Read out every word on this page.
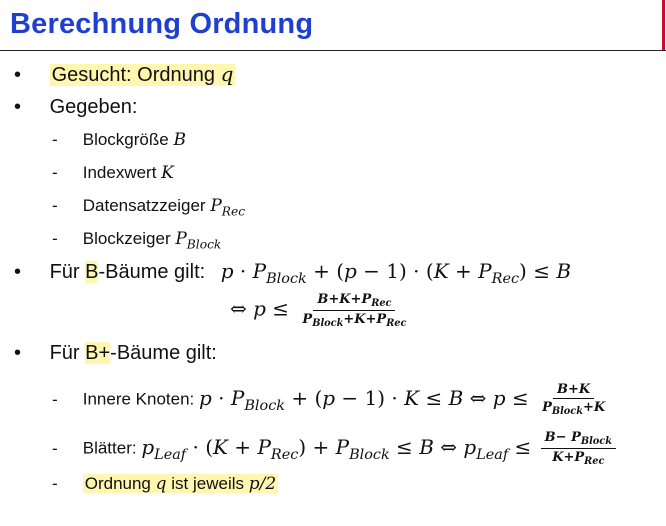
Berechnung Ordnung
• Gesucht: Ordnung q
• Gegeben:
- Blockgröße B
- Indexwert K
- Datensatzzeiger $P_{Rec}$
- Blockzeiger $P_{Block}$
• Für B-Bäume gilt: $p \cdot P_{Block} + (p - 1) \cdot (K + P_{Rec}) \le B$
⇔ $p \le \frac{B+K+P_{Rec}}{P_{Block}+K+P_{Rec}}$
• Für B+-Bäume gilt:
- Innere Knoten: $p \cdot P_{Block} + (p - 1) \cdot K \le B$ ⇔ $p \le \frac{B+K}{P_{Block}+K}$
- Blätter: $p_{Leaf} \cdot (K + P_{Rec}) + P_{Block} \le B$ ⇔ $p_{Leaf} \le \frac{B- P_{Block}}{K+P_{Rec}}$
- Ordnung q ist jeweils p/2
